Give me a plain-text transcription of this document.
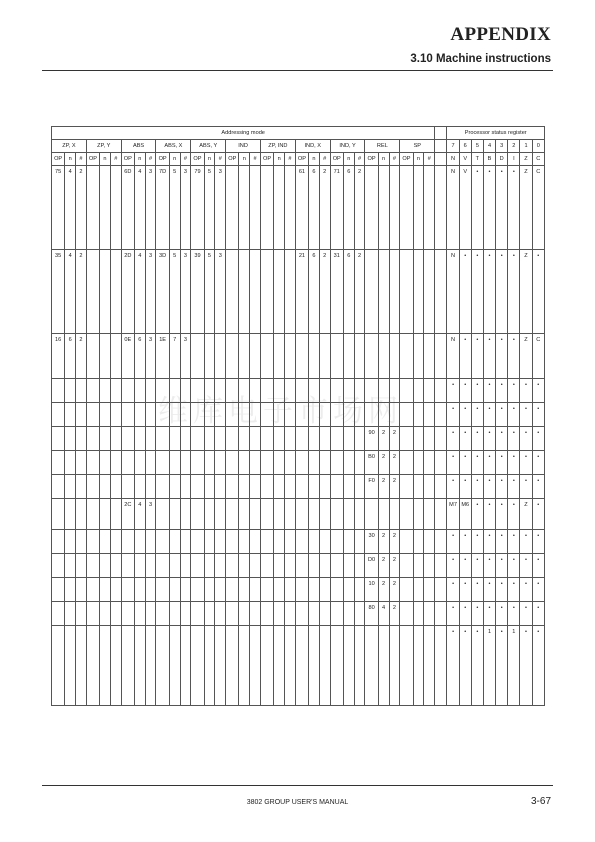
APPENDIX
3.10 Machine instructions
维库电子市场网
Addressing mode																																		Processor status register							
ZP, X			ZP, Y			ABS			ABS, X			ABS, Y			IND			ZP, IND			IND, X			IND, Y			REL			SP				7	6	5	4	3	2	1	0
OP	n	#	OP	n	#	OP	n	#	OP	n	#	OP	n	#	OP	n	#	OP	n	#	OP	n	#	OP	n	#	OP	n	#	OP	n	#		N	V	T	B	D	I	Z	C
75	4	2				6D	4	3	7D	5	3	79	5	3							61	6	2	71	6	2								N	V	•	•	•	•	Z	C
35	4	2				2D	4	3	3D	5	3	39	5	3							21	6	2	31	6	2								N	•	•	•	•	•	Z	•
16	6	2				0E	6	3	1E	7	3																							N	•	•	•	•	•	Z	C
																																		•	•	•	•	•	•	•	•
																																		•	•	•	•	•	•	•	•
																											90	2	2					•	•	•	•	•	•	•	•
																											B0	2	2					•	•	•	•	•	•	•	•
																											F0	2	2					•	•	•	•	•	•	•	•
						2C	4	3																										M7	M6	•	•	•	•	Z	•
																											30	2	2					•	•	•	•	•	•	•	•
																											D0	2	2					•	•	•	•	•	•	•	•
																											10	2	2					•	•	•	•	•	•	•	•
																											80	4	2					•	•	•	•	•	•	•	•
																																		•	•	•	1	•	1	•	•
3802 GROUP USER'S MANUAL	3-67
